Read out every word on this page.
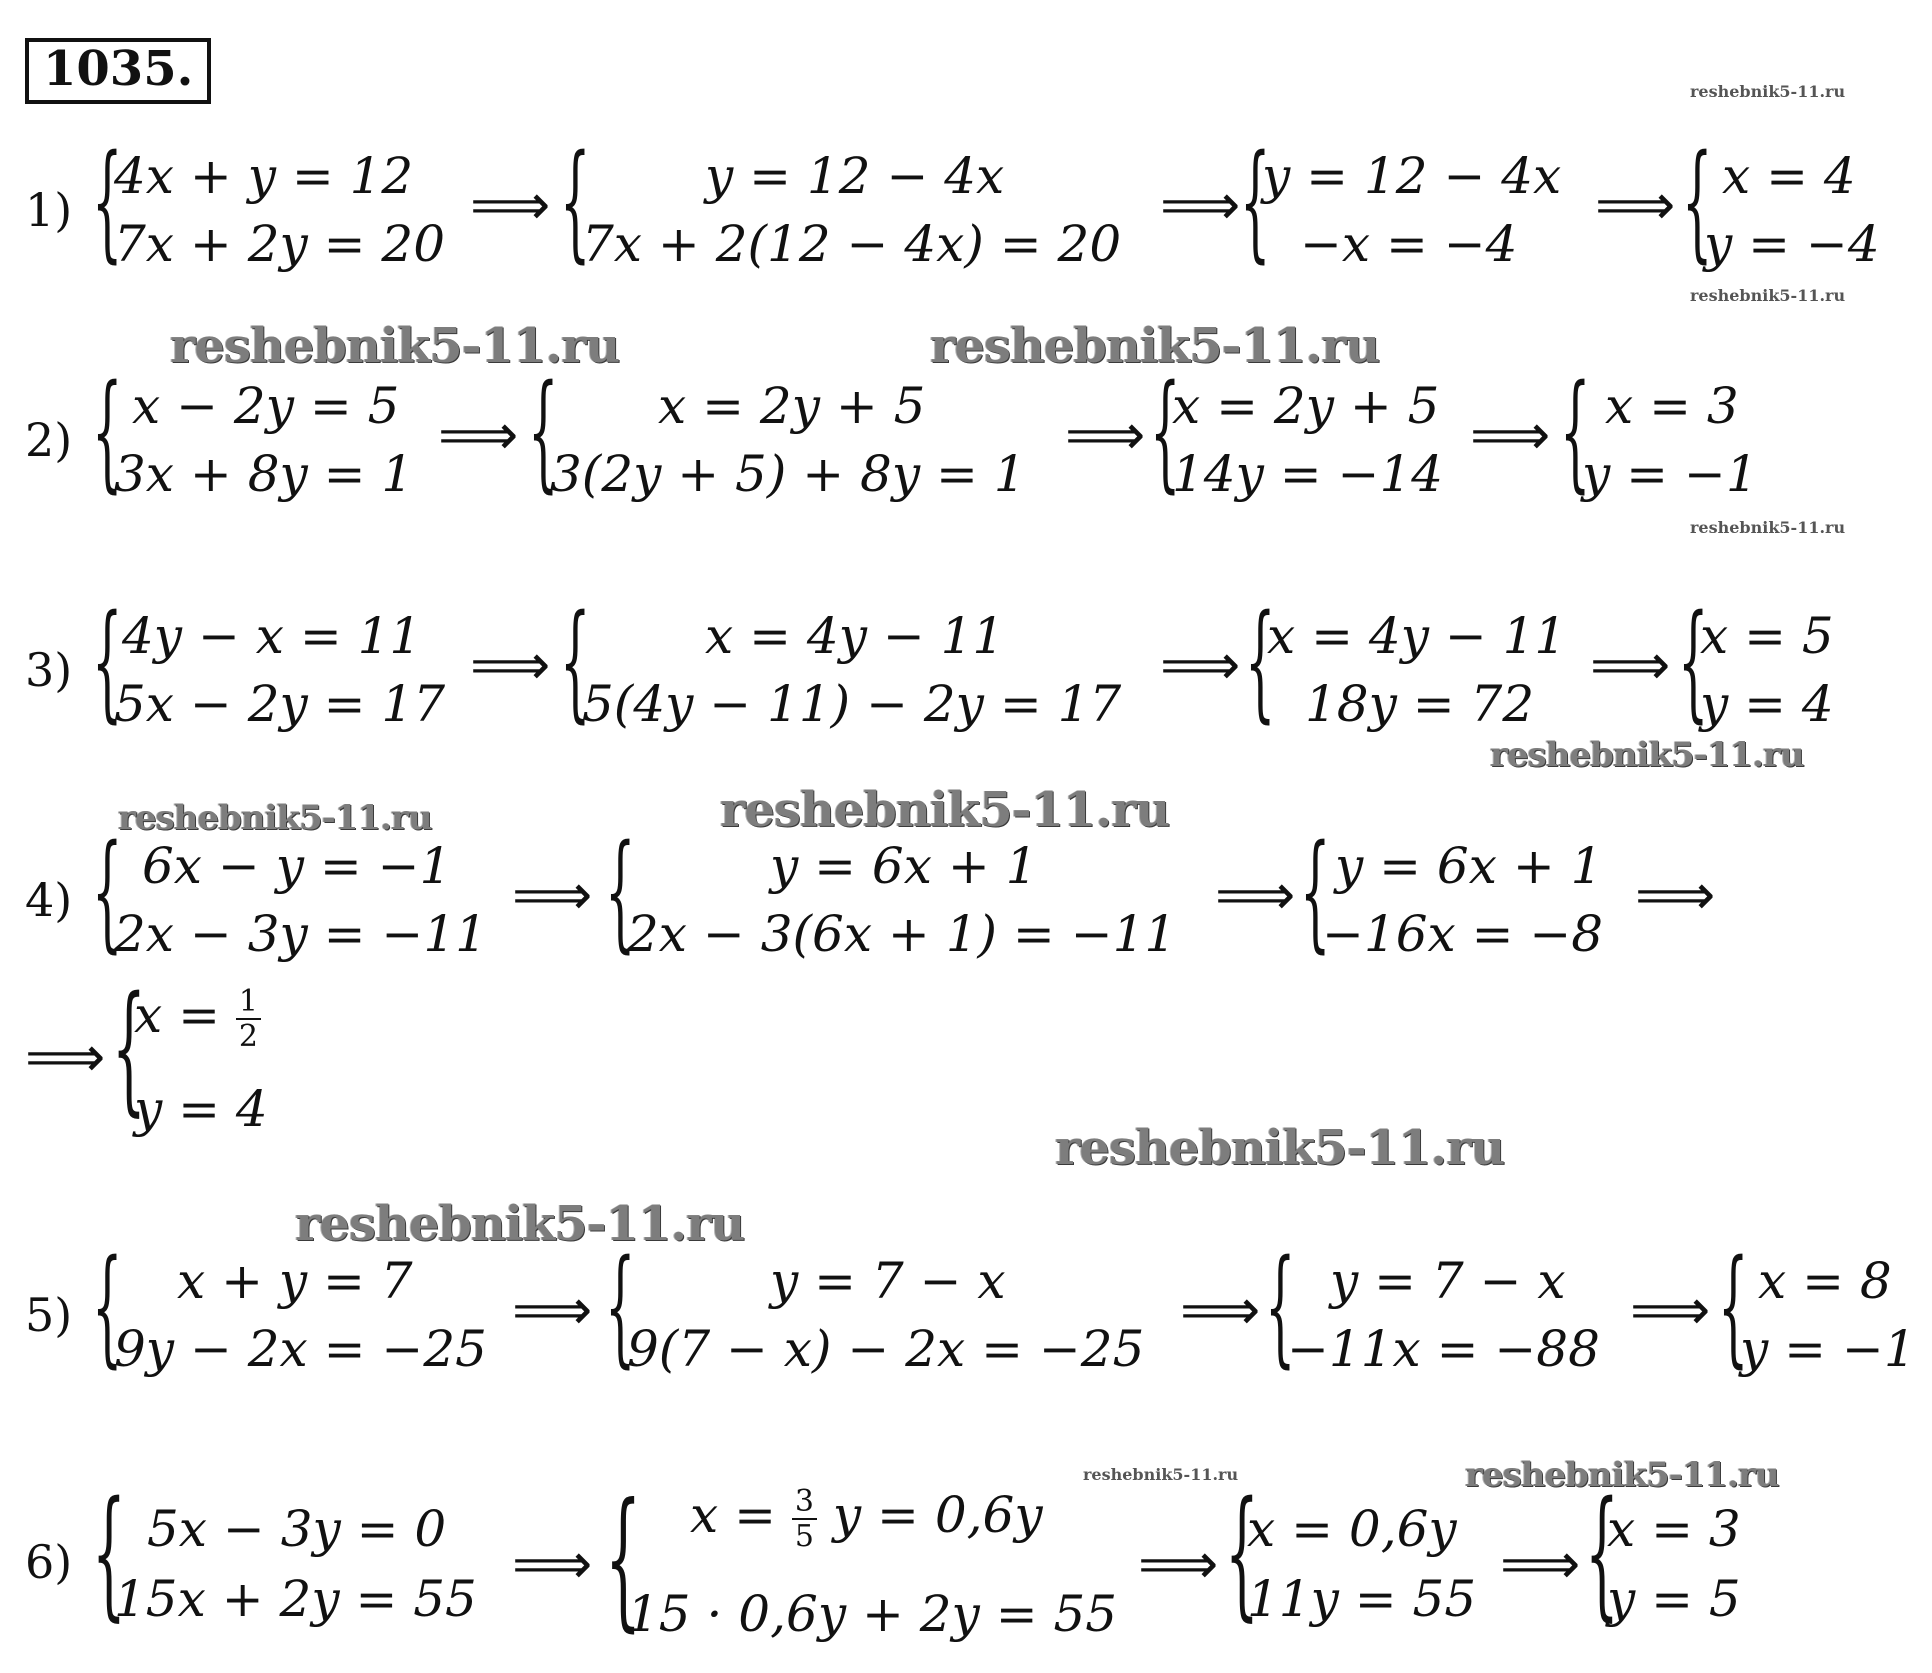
1035.
reshebnik5-11.ru	reshebnik5-11.ru
reshebnik5-11.ru
reshebnik5-11.ru	reshebnik5-11.ru
reshebnik5-11.ru
reshebnik5-11.ru
reshebnik5-11.ru
reshebnik5-11.ru
reshebnik5-11.ru
reshebnik5-11.ru
reshebnik5-11.ru
1) {
4x + y = 12
7x + 2y = 20
⟹ { y = 12 − 4x
7x + 2(12 − 4x) = 20
⟹ {
y = 12 − 4x
−x = −4
⟹ { x = 4
y = −4
2) { x − 2y = 5
3x + 8y = 1
⟹ { x = 2y + 5
3(2y + 5) + 8y = 1
⟹ {
x = 2y + 5
14y = −14
⟹ { x = 3
y = −1
3) { 4y − x = 11
5x − 2y = 17
⟹ { x = 4y − 11
5(4y − 11) − 2y = 17
⟹ {
x = 4y − 11
18y = 72
⟹ {
x = 5
y = 4
4) { 6x − y = −1
2x − 3y = −11
⟹ {	y = 6x + 1
2x − 3(6x + 1) = −11
⟹ { y = 6x + 1
−16x = −8
⟹
⟹ {
$x = \frac{1}{2}$
y = 4
5) { x + y = 7
9y − 2x = −25
⟹ {	y = 7 − x
9(7 − x) − 2x = −25
⟹ { y = 7 − x
−11x = −88
⟹ { x = 8
y = −1
6) { 5x − 3y = 0
15x + 2y = 55
⟹ { $x = \frac{3}{5}$ y = 0,6y
15 · 0,6y + 2y = 55
⟹ {
x = 0,6y
11y = 55
⟹ {
x = 3
y = 5
